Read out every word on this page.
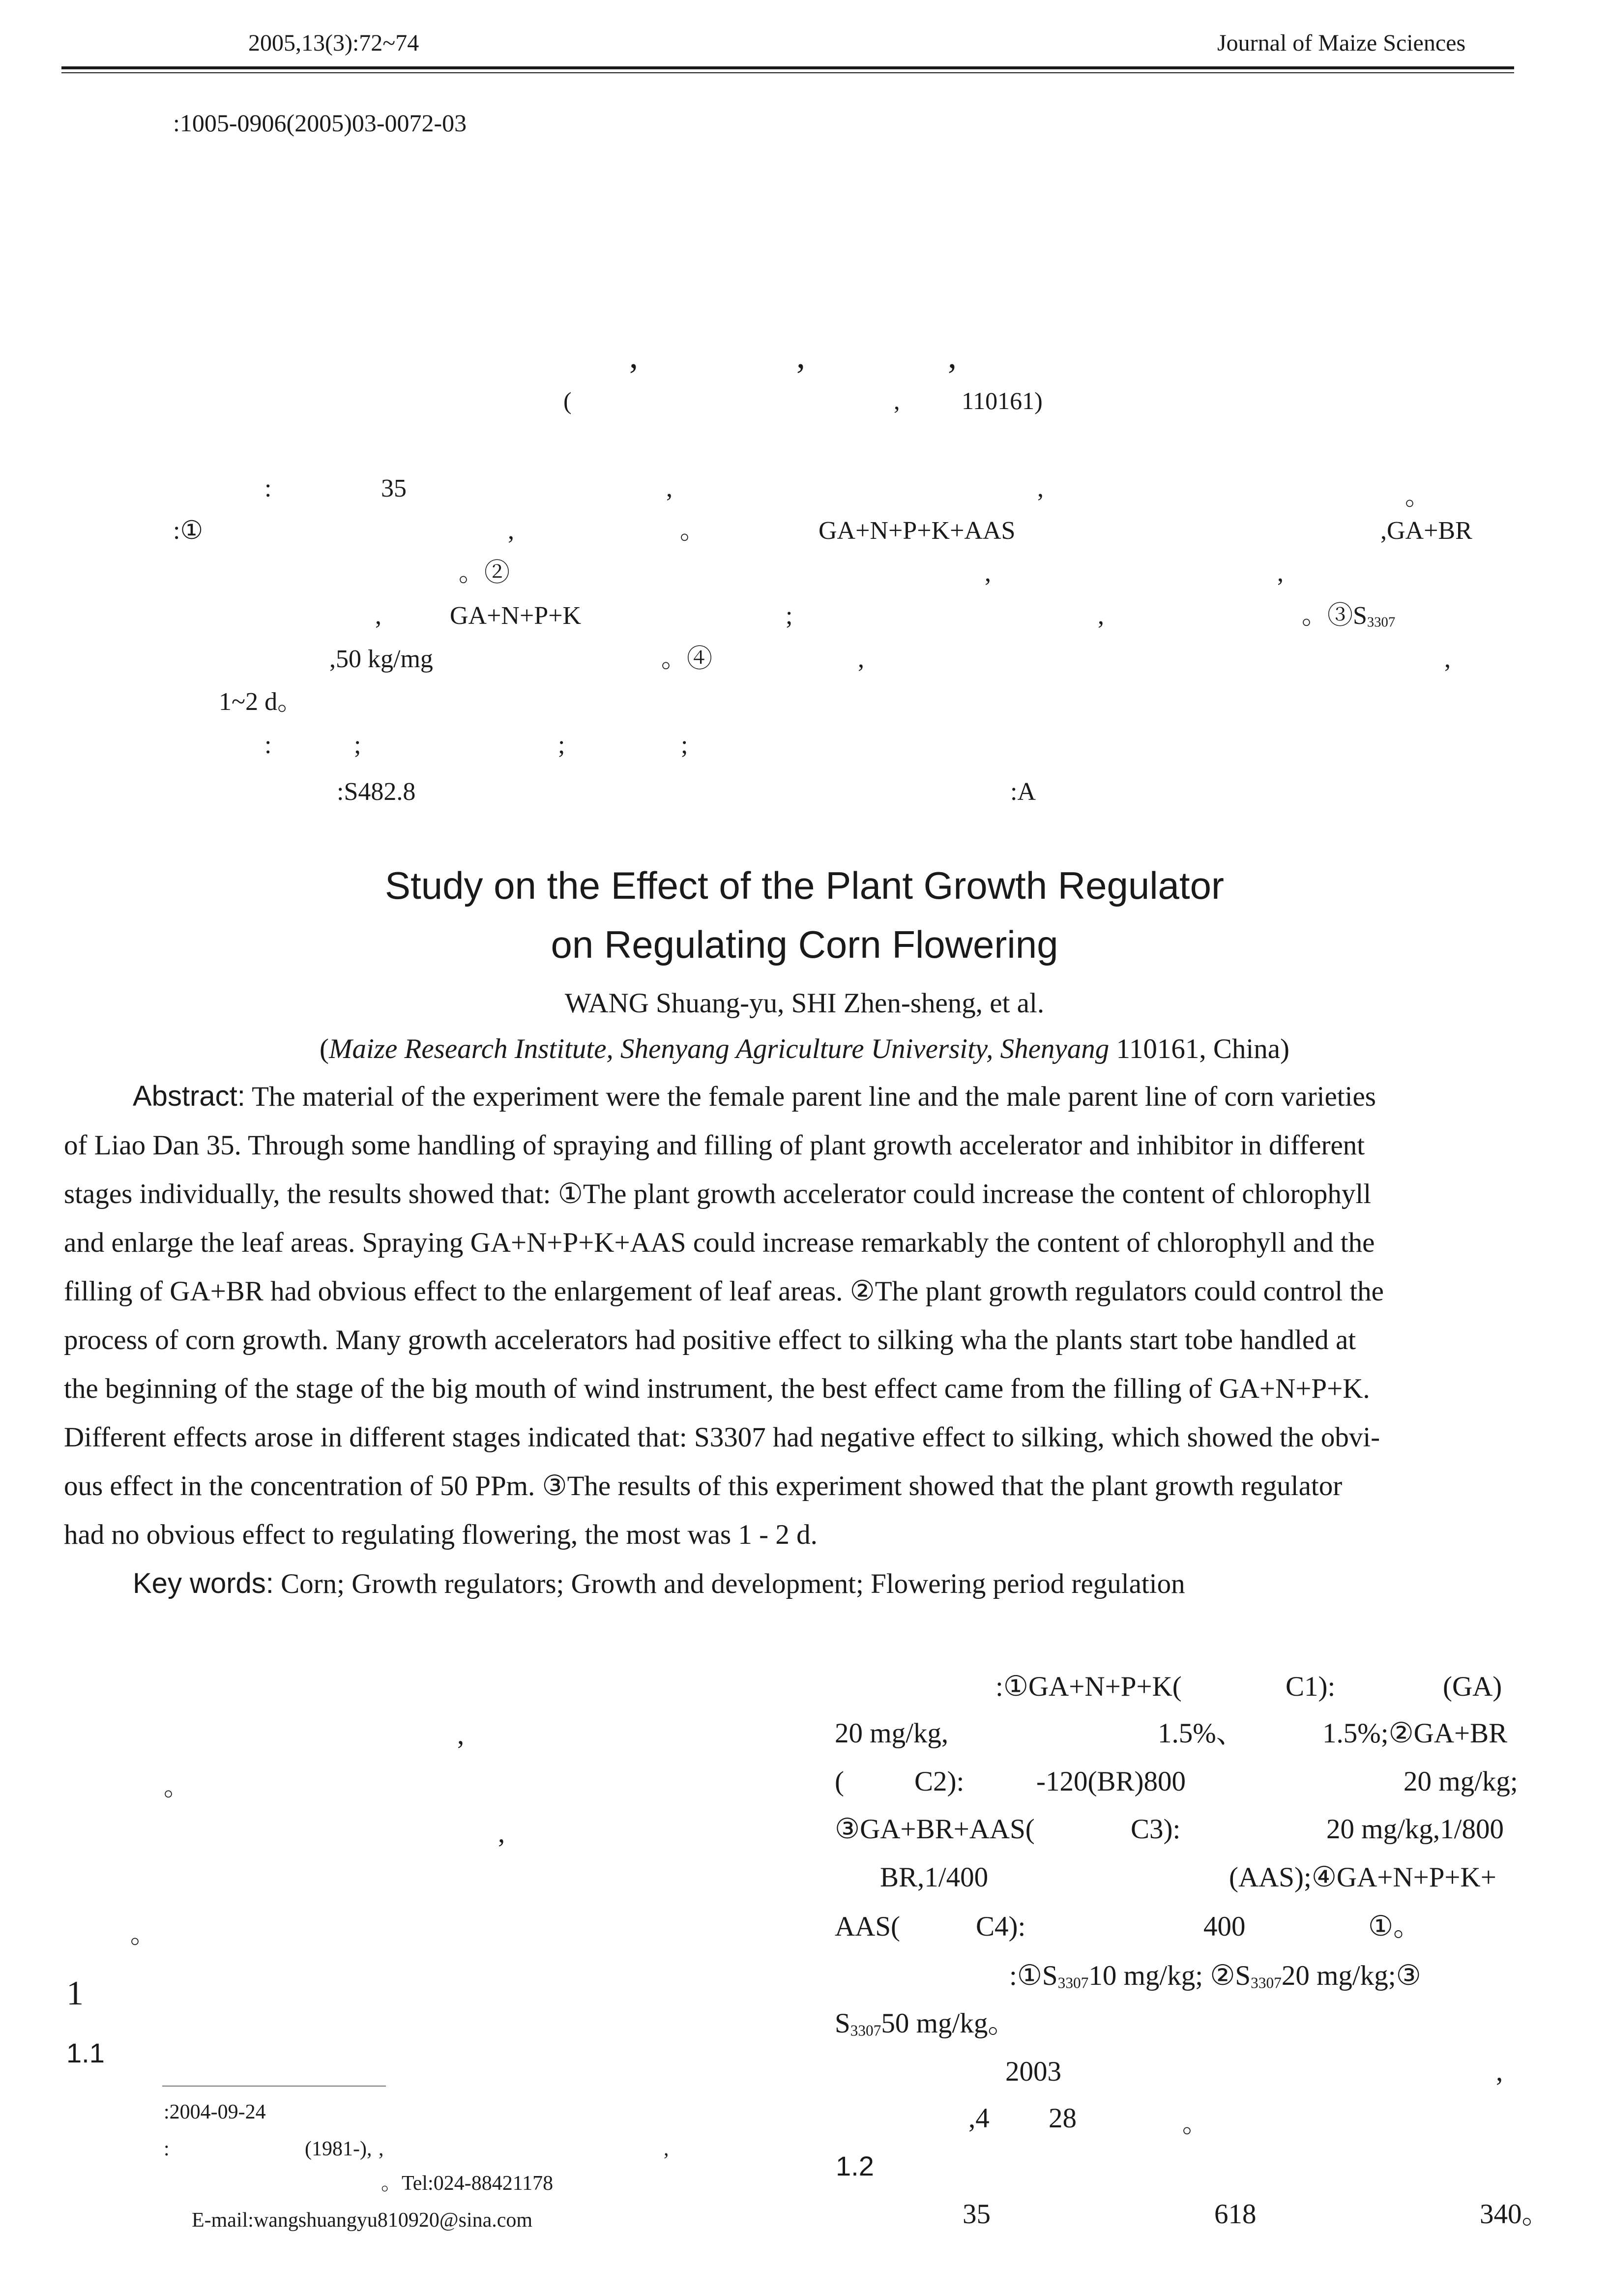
2005,13(3):72~74	Journal of Maize Sciences
:1005-0906(2005)03-0072-03
,	,	,
(	,	110161)
:	35	,	,	。
:①	,	。	GA+N+P+K+AAS	,GA+BR
。②	,	,
,	GA+N+P+K	;	,	。$③S_{3307}$
,50 kg/mg	。④	,	,
1~2 d。
:	;	;	;
:S482.8	:A
Study on the Effect of the Plant Growth Regulator
on Regulating Corn Flowering
WANG Shuang-yu, SHI Zhen-sheng, et al.
(Maize Research Institute, Shenyang Agriculture University, Shenyang 110161, China)
Abstract: The material of the experiment were the female parent line and the male parent line of corn varieties
of Liao Dan 35. Through some handling of spraying and filling of plant growth accelerator and inhibitor in different
stages individually, the results showed that: ①The plant growth accelerator could increase the content of chlorophyll
and enlarge the leaf areas. Spraying GA+N+P+K+AAS could increase remarkably the content of chlorophyll and the
filling of GA+BR had obvious effect to the enlargement of leaf areas. ②The plant growth regulators could control the
process of corn growth. Many growth accelerators had positive effect to silking wha the plants start tobe handled at
the beginning of the stage of the big mouth of wind instrument, the best effect came from the filling of GA+N+P+K.
Different effects arose in different stages indicated that: S3307 had negative effect to silking, which showed the obvi-
ous effect in the concentration of 50 PPm. ③The results of this experiment showed that the plant growth regulator
had no obvious effect to regulating flowering, the most was 1 - 2 d.
Key words: Corn; Growth regulators; Growth and development; Flowering period regulation
,
。
,
。
1
1.1
:2004-09-24
:	(1981-), ,	,
。Tel:024-88421178
E-mail:wangshuangyu810920@sina.com
:①GA+N+P+K(	C1):	(GA)
20 mg/kg,	1.5%、	1.5%;②GA+BR
(	C2):	-120(BR)800	20 mg/kg;
③GA+BR+AAS(	C3):	20 mg/kg,1/800
BR,1/400	(AAS);④GA+N+P+K+
AAS(	C4):	400	①。
$:①S_{3307}10$ mg/kg; $②S_{3307}20$ mg/kg;③
$S_{3307}50$ mg/kg。
2003	,
,4 28	。
1.2
35	618	340。
